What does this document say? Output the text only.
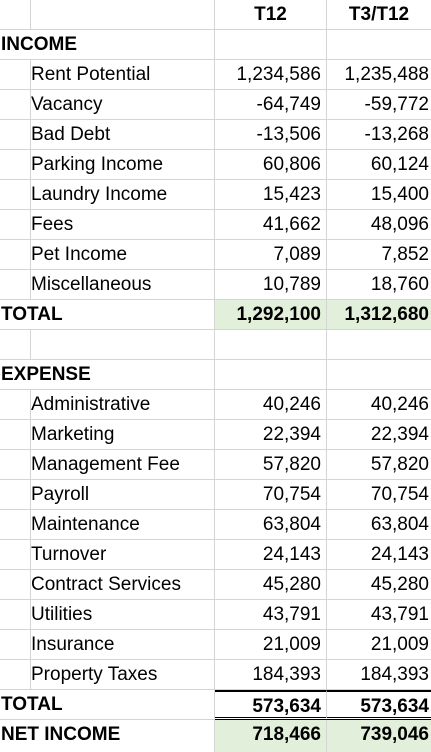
T12	T3/T12
INCOME
Rent Potential	1,234,586	1,235,488
Vacancy	-64,749	-59,772
Bad Debt	-13,506	-13,268
Parking Income	60,806	60,124
Laundry Income	15,423	15,400
Fees	41,662	48,096
Pet Income	7,089	7,852
Miscellaneous	10,789	18,760
TOTAL	1,292,100	1,312,680
EXPENSE
Administrative	40,246	40,246
Marketing	22,394	22,394
Management Fee	57,820	57,820
Payroll	70,754	70,754
Maintenance	63,804	63,804
Turnover	24,143	24,143
Contract Services	45,280	45,280
Utilities	43,791	43,791
Insurance	21,009	21,009
Property Taxes	184,393	184,393
TOTAL	573,634	573,634
NET INCOME	718,466	739,046
